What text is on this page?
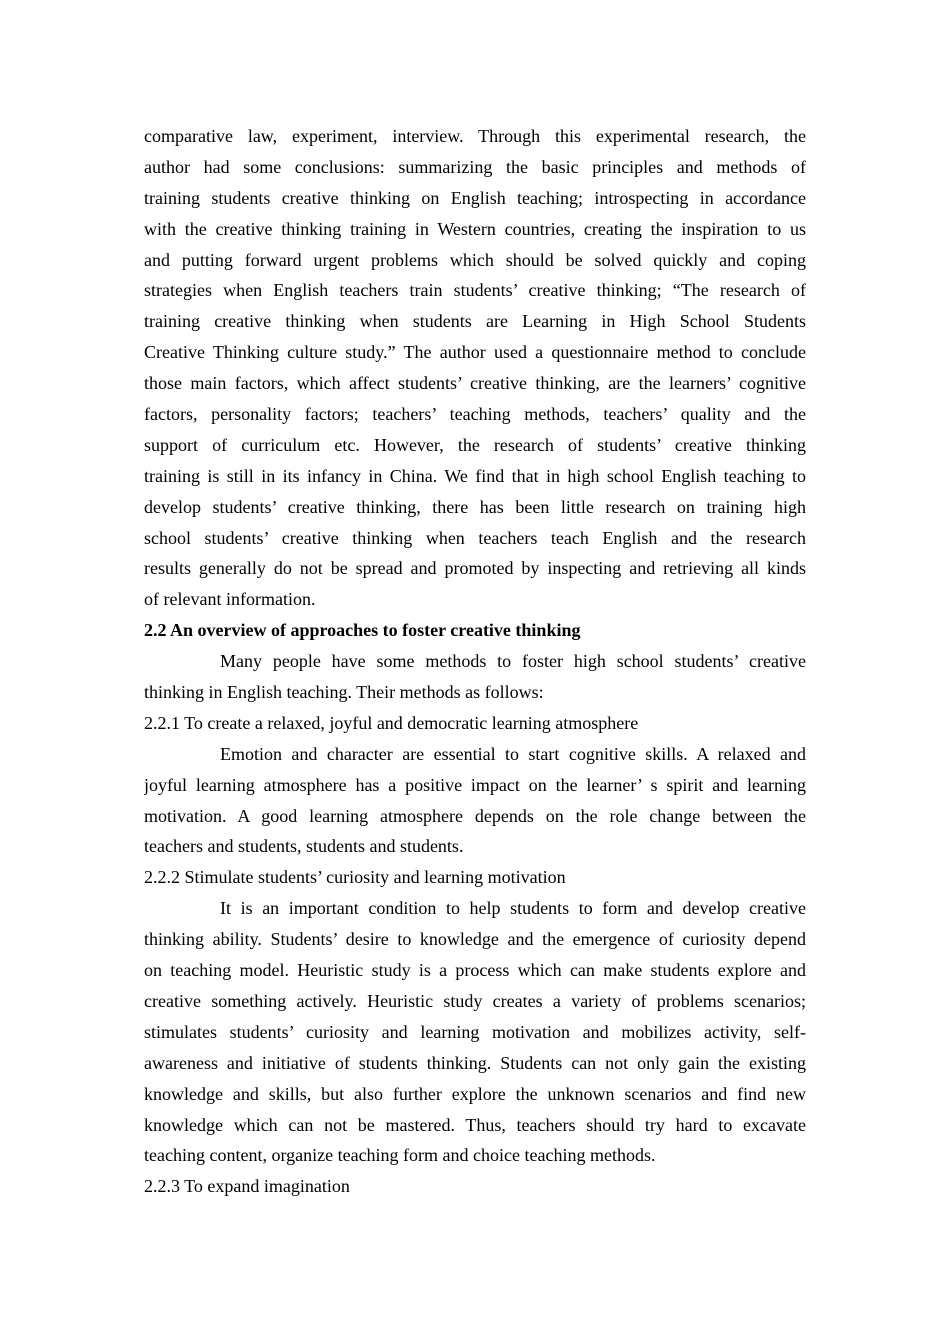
comparative law, experiment, interview. Through this experimental research, the
author had some conclusions: summarizing the basic principles and methods of
training students creative thinking on English teaching; introspecting in accordance
with the creative thinking training in Western countries, creating the inspiration to us
and putting forward urgent problems which should be solved quickly and coping
strategies when English teachers train students’ creative thinking; “The research of
training creative thinking when students are Learning in High School Students
Creative Thinking culture study.” The author used a questionnaire method to conclude
those main factors, which affect students’ creative thinking, are the learners’ cognitive
factors, personality factors; teachers’ teaching methods, teachers’ quality and the
support of curriculum etc. However, the research of students’ creative thinking
training is still in its infancy in China. We find that in high school English teaching to
develop students’ creative thinking, there has been little research on training high
school students’ creative thinking when teachers teach English and the research
results generally do not be spread and promoted by inspecting and retrieving all kinds
of relevant information.
2.2 An overview of approaches to foster creative thinking
Many people have some methods to foster high school students’ creative
thinking in English teaching. Their methods as follows:
2.2.1 To create a relaxed, joyful and democratic learning atmosphere
Emotion and character are essential to start cognitive skills. A relaxed and
joyful learning atmosphere has a positive impact on the learner’ s spirit and learning
motivation. A good learning atmosphere depends on the role change between the
teachers and students, students and students.
2.2.2 Stimulate students’ curiosity and learning motivation
It is an important condition to help students to form and develop creative
thinking ability. Students’ desire to knowledge and the emergence of curiosity depend
on teaching model. Heuristic study is a process which can make students explore and
creative something actively. Heuristic study creates a variety of problems scenarios;
stimulates students’ curiosity and learning motivation and mobilizes activity, self-
awareness and initiative of students thinking. Students can not only gain the existing
knowledge and skills, but also further explore the unknown scenarios and find new
knowledge which can not be mastered. Thus, teachers should try hard to excavate
teaching content, organize teaching form and choice teaching methods.
2.2.3 To expand imagination
